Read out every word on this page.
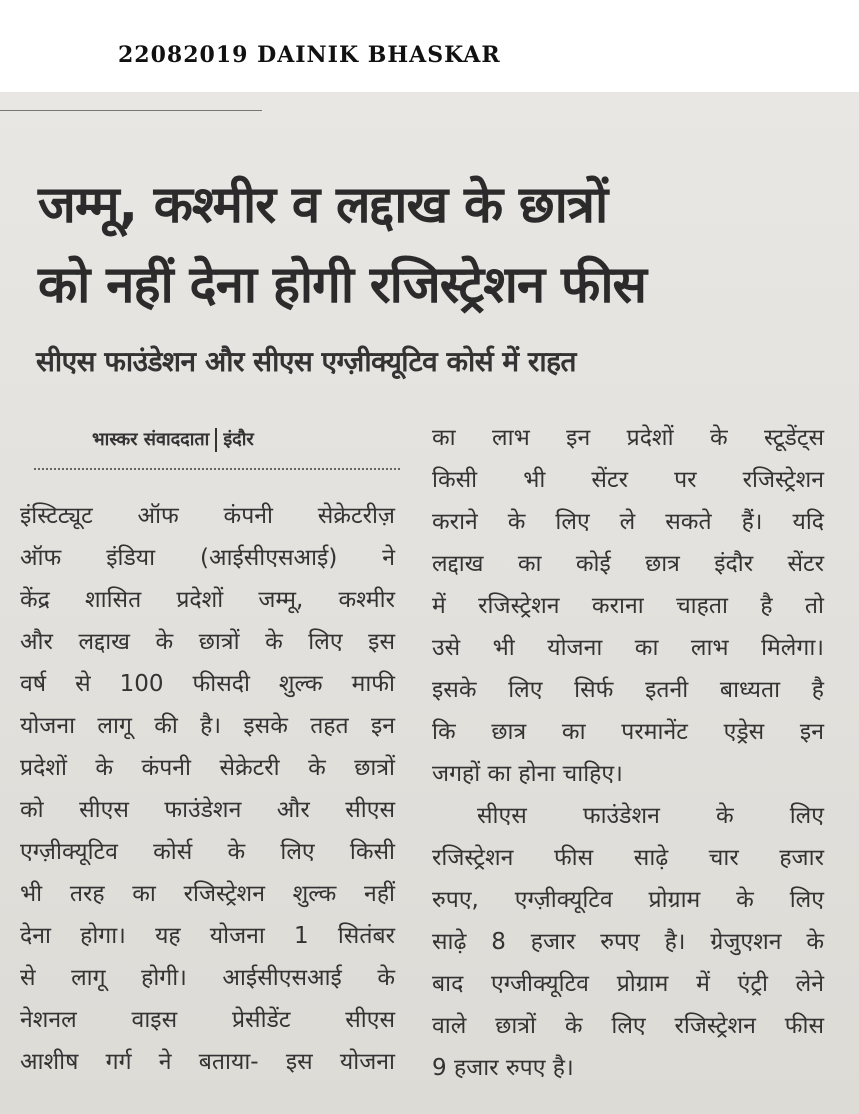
22082019 DAINIK BHASKAR
जम्मू, कश्मीर व लद्दाख के छात्रों
को नहीं देना होगी रजिस्ट्रेशन फीस
सीएस फाउंडेशन और सीएस एग्ज़ीक्यूटिव कोर्स में राहत
भास्कर संवाददाता इंदौर

इंस्टिट्यूट ऑफ कंपनी सेक्रेटरीज़

ऑफ इंडिया (आईसीएसआई) ने

केंद्र शासित प्रदेशों जम्मू, कश्मीर

और लद्दाख के छात्रों के लिए इस

वर्ष से 100 फीसदी शुल्क माफी

योजना लागू की है। इसके तहत इन

प्रदेशों के कंपनी सेक्रेटरी के छात्रों

को सीएस फाउंडेशन और सीएस

एग्ज़ीक्यूटिव कोर्स के लिए किसी

भी तरह का रजिस्ट्रेशन शुल्क नहीं

देना होगा। यह योजना 1 सितंबर

से लागू होगी। आईसीएसआई के

नेशनल वाइस प्रेसीडेंट सीएस

आशीष गर्ग ने बताया- इस योजना

का लाभ इन प्रदेशों के स्टूडेंट्स

किसी भी सेंटर पर रजिस्ट्रेशन

कराने के लिए ले सकते हैं। यदि

लद्दाख का कोई छात्र इंदौर सेंटर

में रजिस्ट्रेशन कराना चाहता है तो

उसे भी योजना का लाभ मिलेगा।

इसके लिए सिर्फ इतनी बाध्यता है

कि छात्र का परमानेंट एड्रेस इन

जगहों का होना चाहिए।

सीएस फाउंडेशन के लिए

रजिस्ट्रेशन फीस साढ़े चार हजार

रुपए, एग्ज़ीक्यूटिव प्रोग्राम के लिए

साढ़े 8 हजार रुपए है। ग्रेजुएशन के

बाद एग्जीक्यूटिव प्रोग्राम में एंट्री लेने

वाले छात्रों के लिए रजिस्ट्रेशन फीस

9 हजार रुपए है।
